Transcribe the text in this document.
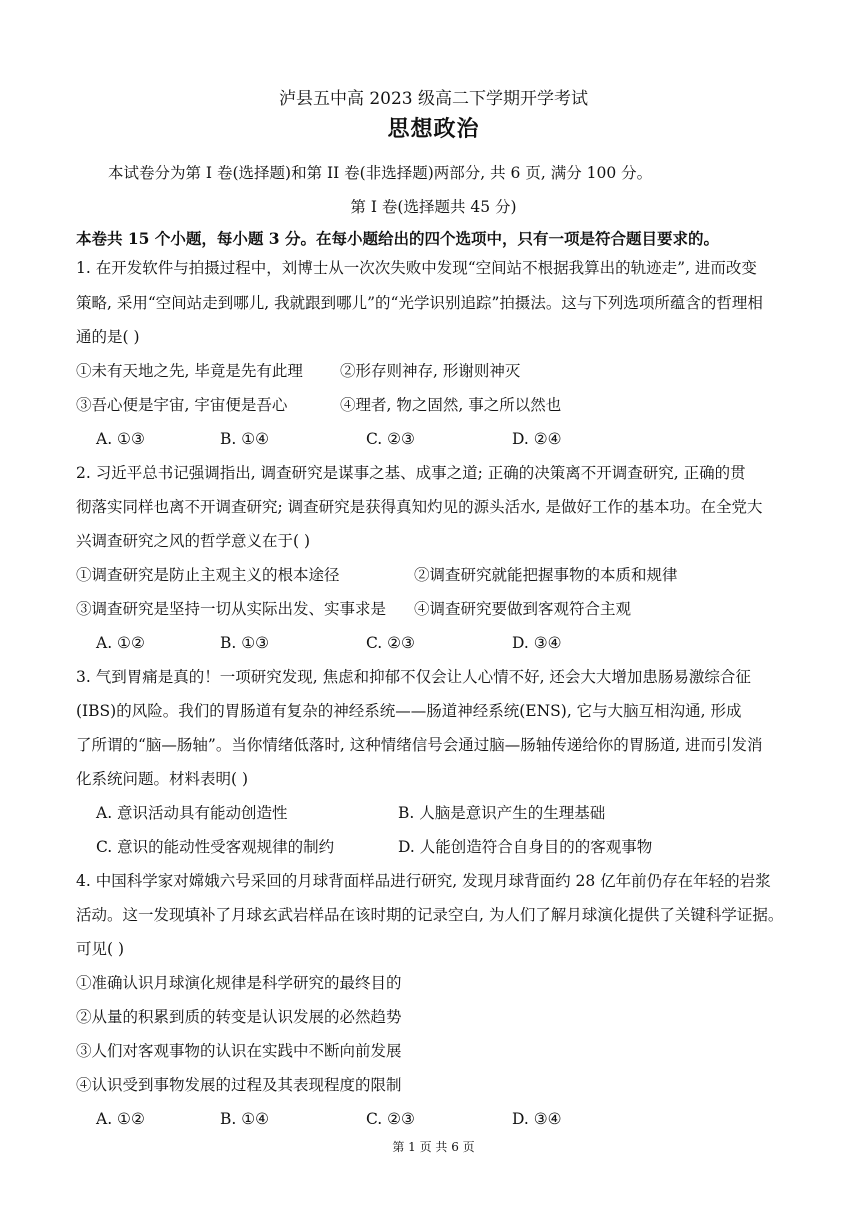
泸县五中高 2023 级高二下学期开学考试
思想政治
本试卷分为第 I 卷(选择题)和第 II 卷(非选择题)两部分, 共 6 页, 满分 100 分。
第 I 卷(选择题共 45 分)
本卷共 15 个小题，每小题 3 分。在每小题给出的四个选项中，只有一项是符合题目要求的。
1. 在开发软件与拍摄过程中，刘博士从一次次失败中发现“空间站不根据我算出的轨迹走”, 进而改变
策略, 采用“空间站走到哪儿, 我就跟到哪儿”的“光学识别追踪”拍摄法。这与下列选项所蕴含的哲理相
通的是( )
①未有天地之先, 毕竟是先有此理 ②形存则神存, 形谢则神灭
③吾心便是宇宙, 宇宙便是吾心	④理者, 物之固然, 事之所以然也
A. ①③	B. ①④	C. ②③	D. ②④
2. 习近平总书记强调指出, 调查研究是谋事之基、成事之道; 正确的决策离不开调查研究, 正确的贯
彻落实同样也离不开调查研究; 调查研究是获得真知灼见的源头活水, 是做好工作的基本功。在全党大
兴调查研究之风的哲学意义在于( )
①调查研究是防止主观主义的根本途径	②调查研究就能把握事物的本质和规律
③调查研究是坚持一切从实际出发、实事求是 ④调查研究要做到客观符合主观
A. ①②	B. ①③	C. ②③	D. ③④
3. 气到胃痛是真的！一项研究发现, 焦虑和抑郁不仅会让人心情不好, 还会大大增加患肠易激综合征
(IBS)的风险。我们的胃肠道有复杂的神经系统——肠道神经系统(ENS), 它与大脑互相沟通, 形成
了所谓的“脑—肠轴”。当你情绪低落时, 这种情绪信号会通过脑—肠轴传递给你的胃肠道, 进而引发消
化系统问题。材料表明( )
A. 意识活动具有能动创造性	B. 人脑是意识产生的生理基础
C. 意识的能动性受客观规律的制约	D. 人能创造符合自身目的的客观事物
4. 中国科学家对嫦娥六号采回的月球背面样品进行研究, 发现月球背面约 28 亿年前仍存在年轻的岩浆
活动。这一发现填补了月球玄武岩样品在该时期的记录空白, 为人们了解月球演化提供了关键科学证据。
可见( )
①准确认识月球演化规律是科学研究的最终目的
②从量的积累到质的转变是认识发展的必然趋势
③人们对客观事物的认识在实践中不断向前发展
④认识受到事物发展的过程及其表现程度的限制
A. ①②	B. ①④	C. ②③	D. ③④
第 1 页 共 6 页
